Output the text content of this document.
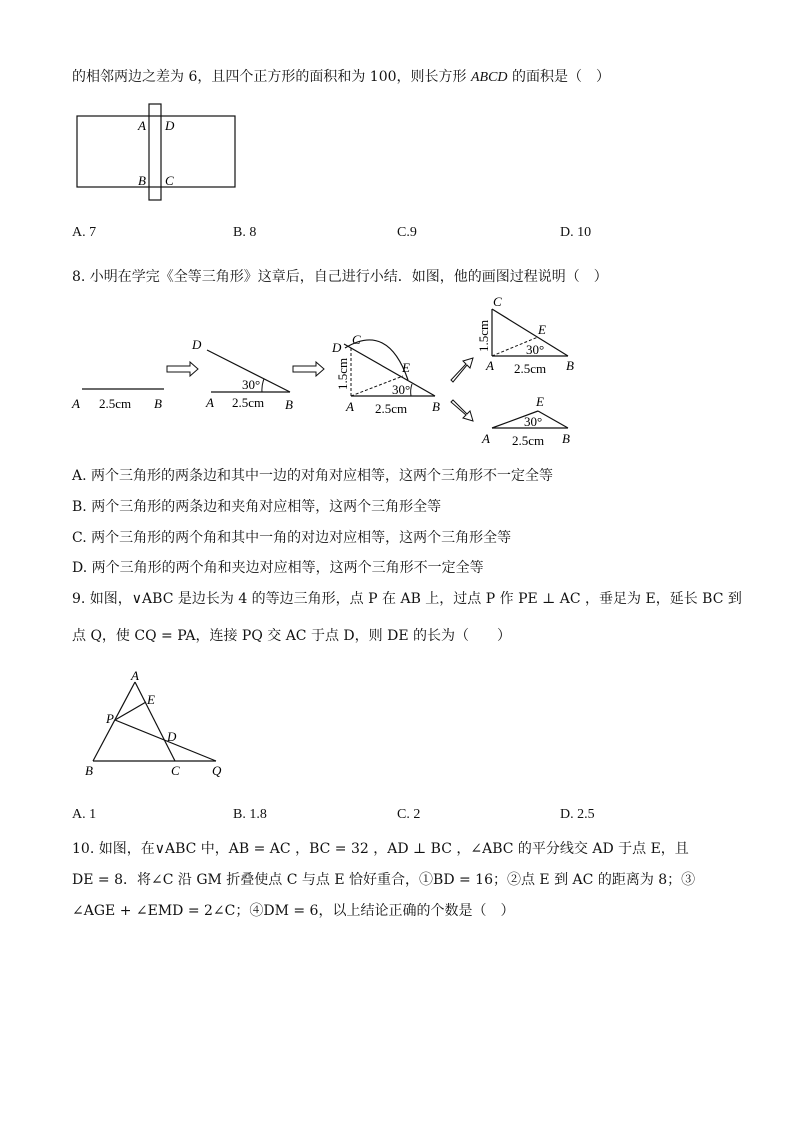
的相邻两边之差为 6，且四个正方形的面积和为 100，则长方形 ABCD 的面积是（　）
A D
B C
A. 7	B. 8	C.9	D. 10
8. 小明在学完《全等三角形》这章后，自己进行小结．如图，他的画图过程说明（　）
A 2.5cm B
D
30°
A 2.5cm B
D
C
E
30°
1.5cm
A 2.5cm B
C
E
30°
1.5cm
A 2.5cm B
E
30°
A 2.5cm B
A. 两个三角形的两条边和其中一边的对角对应相等，这两个三角形不一定全等
B. 两个三角形的两条边和夹角对应相等，这两个三角形全等
C. 两个三角形的两个角和其中一角的对边对应相等，这两个三角形全等
D. 两个三角形的两个角和夹边对应相等，这两个三角形不一定全等
9. 如图，∨ABC 是边长为 4 的等边三角形，点 P 在 AB 上，过点 P 作 PE ⊥ AC ，垂足为 E，延长 BC 到
点 Q，使 CQ = PA，连接 PQ 交 AC 于点 D，则 DE 的长为（　　）
A
E
P
D
B	C Q
A. 1	B. 1.8	C. 2	D. 2.5
10. 如图，在∨ABC 中，AB = AC ，BC = 32 ，AD ⊥ BC ，∠ABC 的平分线交 AD 于点 E，且
DE = 8．将∠C 沿 GM 折叠使点 C 与点 E 恰好重合，①BD = 16；②点 E 到 AC 的距离为 8；③
∠AGE + ∠EMD = 2∠C；④DM = 6，以上结论正确的个数是（　）
